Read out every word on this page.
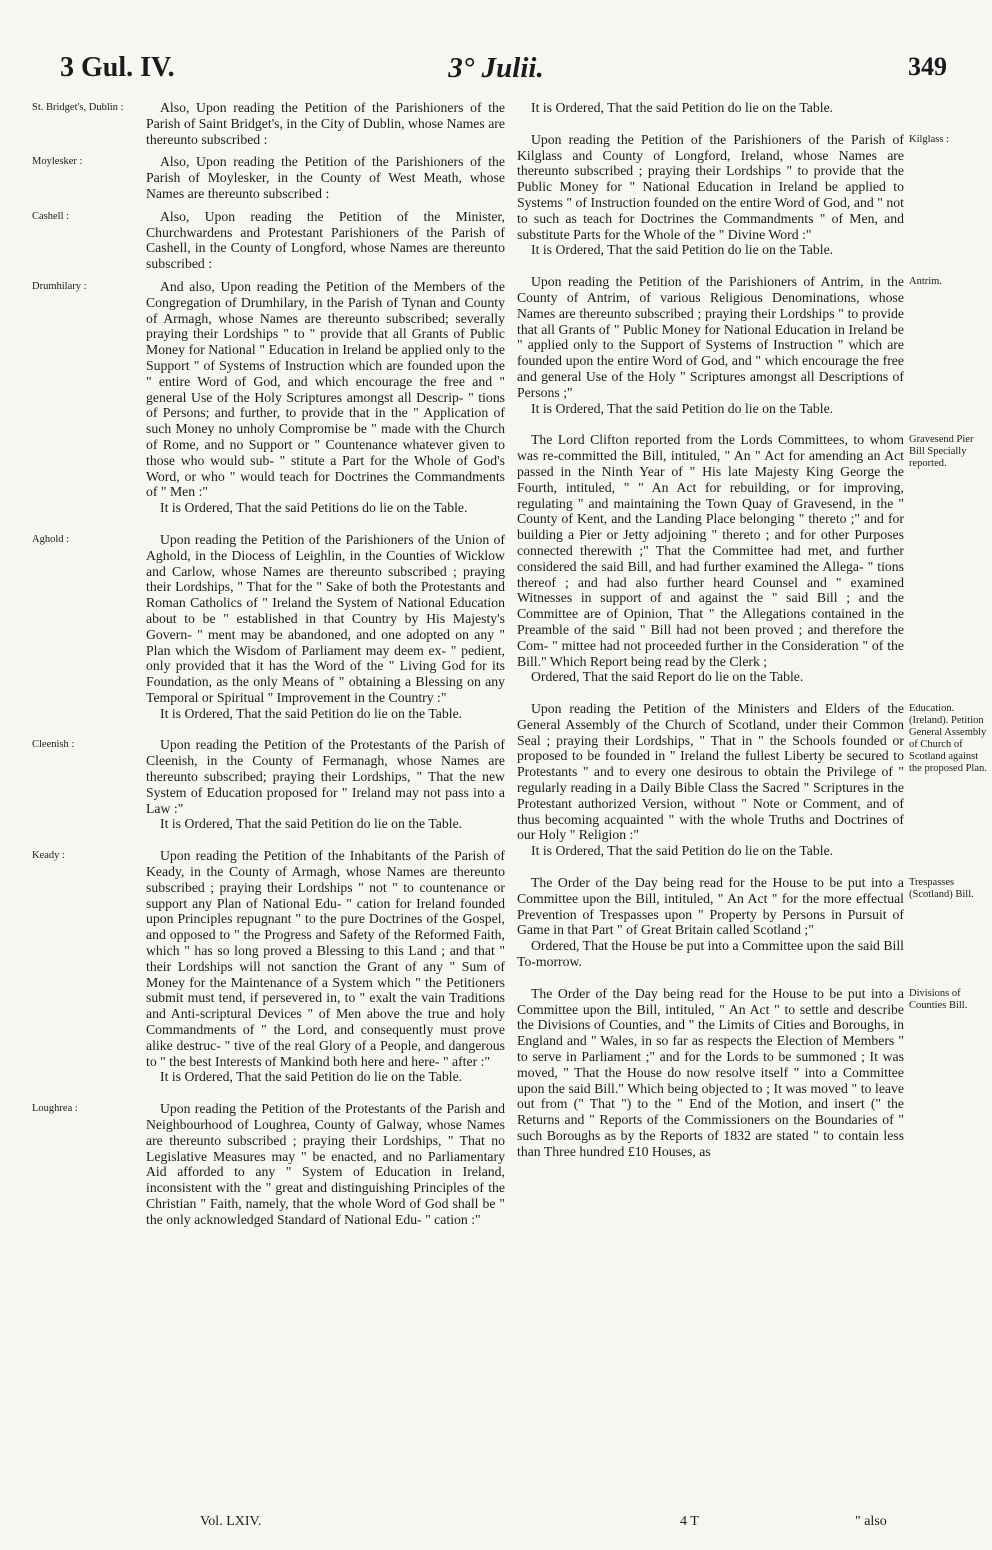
3 Gul. IV.	3° Julii.	349
St. Bridget's, Dublin :	Also, Upon reading the Petition of the Parishioners of the Parish of Saint Bridget's, in the City of Dublin, whose Names are thereunto subscribed :

Moylesker :	Also, Upon reading the Petition of the Parishioners of the Parish of Moylesker, in the County of West Meath, whose Names are thereunto subscribed :

Cashell :	Also, Upon reading the Petition of the Minister, Churchwardens and Protestant Parishioners of the Parish of Cashell, in the County of Longford, whose Names are thereunto subscribed :

Drumhilary :	And also, Upon reading the Petition of the Members of the Congregation of Drumhilary, in the Parish of Tynan and County of Armagh, whose Names are thereunto subscribed; severally praying their Lordships " to " provide that all Grants of Public Money for National " Education in Ireland be applied only to the Support " of Systems of Instruction which are founded upon the " entire Word of God, and which encourage the free and " general Use of the Holy Scriptures amongst all Descrip- " tions of Persons; and further, to provide that in the " Application of such Money no unholy Compromise be " made with the Church of Rome, and no Support or " Countenance whatever given to those who would sub- " stitute a Part for the Whole of God's Word, or who " would teach for Doctrines the Commandments of " Men :"

It is Ordered, That the said Petitions do lie on the Table.

Aghold :	Upon reading the Petition of the Parishioners of the Union of Aghold, in the Diocess of Leighlin, in the Counties of Wicklow and Carlow, whose Names are thereunto subscribed ; praying their Lordships, " That for the " Sake of both the Protestants and Roman Catholics of " Ireland the System of National Education about to be " established in that Country by His Majesty's Govern- " ment may be abandoned, and one adopted on any " Plan which the Wisdom of Parliament may deem ex- " pedient, only provided that it has the Word of the " Living God for its Foundation, as the only Means of " obtaining a Blessing on any Temporal or Spiritual " Improvement in the Country :"

It is Ordered, That the said Petition do lie on the Table.

Cleenish :	Upon reading the Petition of the Protestants of the Parish of Cleenish, in the County of Fermanagh, whose Names are thereunto subscribed; praying their Lordships, " That the new System of Education proposed for " Ireland may not pass into a Law :"

It is Ordered, That the said Petition do lie on the Table.

Keady :	Upon reading the Petition of the Inhabitants of the Parish of Keady, in the County of Armagh, whose Names are thereunto subscribed ; praying their Lordships " not " to countenance or support any Plan of National Edu- " cation for Ireland founded upon Principles repugnant " to the pure Doctrines of the Gospel, and opposed to " the Progress and Safety of the Reformed Faith, which " has so long proved a Blessing to this Land ; and that " their Lordships will not sanction the Grant of any " Sum of Money for the Maintenance of a System which " the Petitioners submit must tend, if persevered in, to " exalt the vain Traditions and Anti-scriptural Devices " of Men above the true and holy Commandments of " the Lord, and consequently must prove alike destruc- " tive of the real Glory of a People, and dangerous to " the best Interests of Mankind both here and here- " after :"

It is Ordered, That the said Petition do lie on the Table.

Loughrea :	Upon reading the Petition of the Protestants of the Parish and Neighbourhood of Loughrea, County of Galway, whose Names are thereunto subscribed ; praying their Lordships, " That no Legislative Measures may " be enacted, and no Parliamentary Aid afforded to any " System of Education in Ireland, inconsistent with the " great and distinguishing Principles of the Christian " Faith, namely, that the whole Word of God shall be " the only acknowledged Standard of National Edu- " cation :"

It is Ordered, That the said Petition do lie on the Table.

Kilglass :

Upon reading the Petition of the Parishioners of the Parish of Kilglass and County of Longford, Ireland, whose Names are thereunto subscribed ; praying their Lordships " to provide that the Public Money for " National Education in Ireland be applied to Systems " of Instruction founded on the entire Word of God, and " not to such as teach for Doctrines the Commandments " of Men, and substitute Parts for the Whole of the " Divine Word :"

It is Ordered, That the said Petition do lie on the Table.

Antrim.

Upon reading the Petition of the Parishioners of Antrim, in the County of Antrim, of various Religious Denominations, whose Names are thereunto subscribed ; praying their Lordships " to provide that all Grants of " Public Money for National Education in Ireland be " applied only to the Support of Systems of Instruction " which are founded upon the entire Word of God, and " which encourage the free and general Use of the Holy " Scriptures amongst all Descriptions of Persons ;"

It is Ordered, That the said Petition do lie on the Table.

Gravesend Pier Bill Specially reported.

The Lord Clifton reported from the Lords Committees, to whom was re-committed the Bill, intituled, " An " Act for amending an Act passed in the Ninth Year of " His late Majesty King George the Fourth, intituled, " " An Act for rebuilding, or for improving, regulating " and maintaining the Town Quay of Gravesend, in the " County of Kent, and the Landing Place belonging " thereto ;" and for building a Pier or Jetty adjoining " thereto ; and for other Purposes connected therewith ;" That the Committee had met, and further considered the said Bill, and had further examined the Allega- " tions thereof ; and had also further heard Counsel and " examined Witnesses in support of and against the " said Bill ; and the Committee are of Opinion, That " the Allegations contained in the Preamble of the said " Bill had not been proved ; and therefore the Com- " mittee had not proceeded further in the Consideration " of the Bill." Which Report being read by the Clerk ;

Ordered, That the said Report do lie on the Table.

Education. (Ireland). Petition General Assembly of Church of Scotland against the proposed Plan.

Upon reading the Petition of the Ministers and Elders of the General Assembly of the Church of Scotland, under their Common Seal ; praying their Lordships, " That in " the Schools founded or proposed to be founded in " Ireland the fullest Liberty be secured to Protestants " and to every one desirous to obtain the Privilege of " regularly reading in a Daily Bible Class the Sacred " Scriptures in the Protestant authorized Version, without " Note or Comment, and of thus becoming acquainted " with the whole Truths and Doctrines of our Holy " Religion :"

It is Ordered, That the said Petition do lie on the Table.

Trespasses (Scotland) Bill.

The Order of the Day being read for the House to be put into a Committee upon the Bill, intituled, " An Act " for the more effectual Prevention of Trespasses upon " Property by Persons in Pursuit of Game in that Part " of Great Britain called Scotland ;"

Ordered, That the House be put into a Committee upon the said Bill To-morrow.

Divisions of Counties Bill.

The Order of the Day being read for the House to be put into a Committee upon the Bill, intituled, " An Act " to settle and describe the Divisions of Counties, and " the Limits of Cities and Boroughs, in England and " Wales, in so far as respects the Election of Members " to serve in Parliament ;" and for the Lords to be summoned ; It was moved, " That the House do now resolve itself " into a Committee upon the said Bill." Which being objected to ; It was moved " to leave out from (" That ") to the " End of the Motion, and insert (" the Returns and " Reports of the Commissioners on the Boundaries of " such Boroughs as by the Reports of 1832 are stated " to contain less than Three hundred £10 Houses, as

Vol. LXIV.	4 T	" also
